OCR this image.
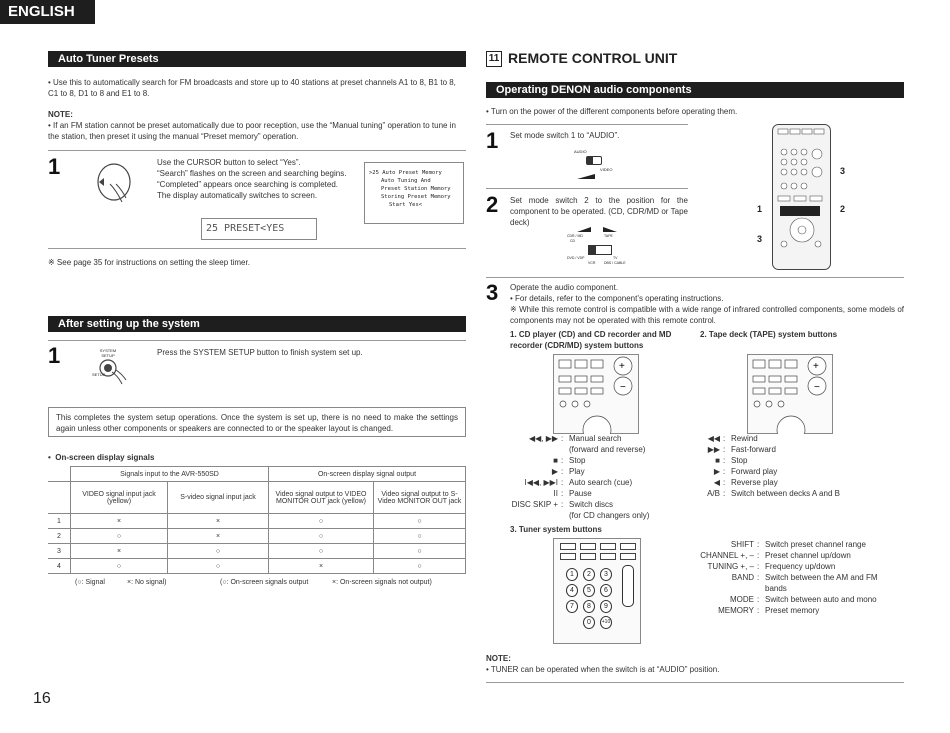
ENGLISH
Auto Tuner Presets
• Use this to automatically search for FM broadcasts and store up to 40 stations at preset channels A1 to 8, B1 to 8, C1 to 8, D1 to 8 and E1 to 8.
NOTE:
• If an FM station cannot be preset automatically due to poor reception, use the “Manual tuning” operation to tune in the station, then preset it using the manual “Preset memory” operation.
1	Use the CURSOR button to select “Yes”.
“Search” flashes on the screen and searching begins.
“Completed” appears once searching is completed.
The display automatically switches to screen.
25 PRESET<YES
>25 Auto Preset Memory
Auto Tuning And
Preset Station Memory
Storing Preset Memory
Start Yes<
※ See page 35 for instructions on setting the sleep timer.
After setting up the system
1	SYSTEM SETUP
SETUP
Press the SYSTEM SETUP button to finish system set up.
This completes the system setup operations. Once the system is set up, there is no need to make the settings again unless other components or speakers are connected to or the speaker layout is changed.
•  On-screen display signals
	Signals input to the AVR-550SD		On-screen display signal output	
	VIDEO signal input jack (yellow)	S-video signal input jack	Video signal output to VIDEO MONITOR OUT jack (yellow)	Video signal output to S-Video MONITOR OUT jack
1	×	×	○	○
2	○	×	○	○
3	×	○	○	○
4	○	○	×	○
(○: Signal	×: No signal)	(○: On-screen signals output	×: On-screen signals not output)
16
11 REMOTE CONTROL UNIT
Operating DENON audio components
• Turn on the power of the different components before operating them.
1 Set mode switch 1 to “AUDIO”.
AUDIO
VIDEO
2 Set mode switch 2 to the position for the component to be operated. (CD, CDR/MD or Tape deck)
CDR / MD	TAPE
CD
DVD / VDP	TV
VCR DBS / CABLE
3
1	2
3
3 Operate the audio component.
• For details, refer to the component’s operating instructions.
※ While this remote control is compatible with a wide range of infrared controlled components, some models of components may not be operated with this remote control.
1. CD player (CD) and CD recorder and MD recorder (CDR/MD) system buttons
2. Tape deck (TAPE) system buttons
+
−
+
−
◀◀, ▶▶ : Manual search
(forward and reverse)
■ : Stop
▶ : Play
I◀◀, ▶▶I : Auto search (cue)
II : Pause
DISC SKIP + : Switch discs
(for CD changers only)
◀◀ : Rewind
▶▶ : Fast-forward
■ : Stop
▶ : Forward play
◀ : Reverse play
A/B : Switch between decks A and B
3. Tuner system buttons
1	2	3
4	5	6
7	8	9
0	+10
SHIFT : Switch preset channel range
CHANNEL +, – : Preset channel up/down
TUNING +, – : Frequency up/down
BAND : Switch between the AM and FM
bands
MODE : Switch between auto and mono
MEMORY : Preset memory
NOTE:
• TUNER can be operated when the switch is at “AUDIO” position.
